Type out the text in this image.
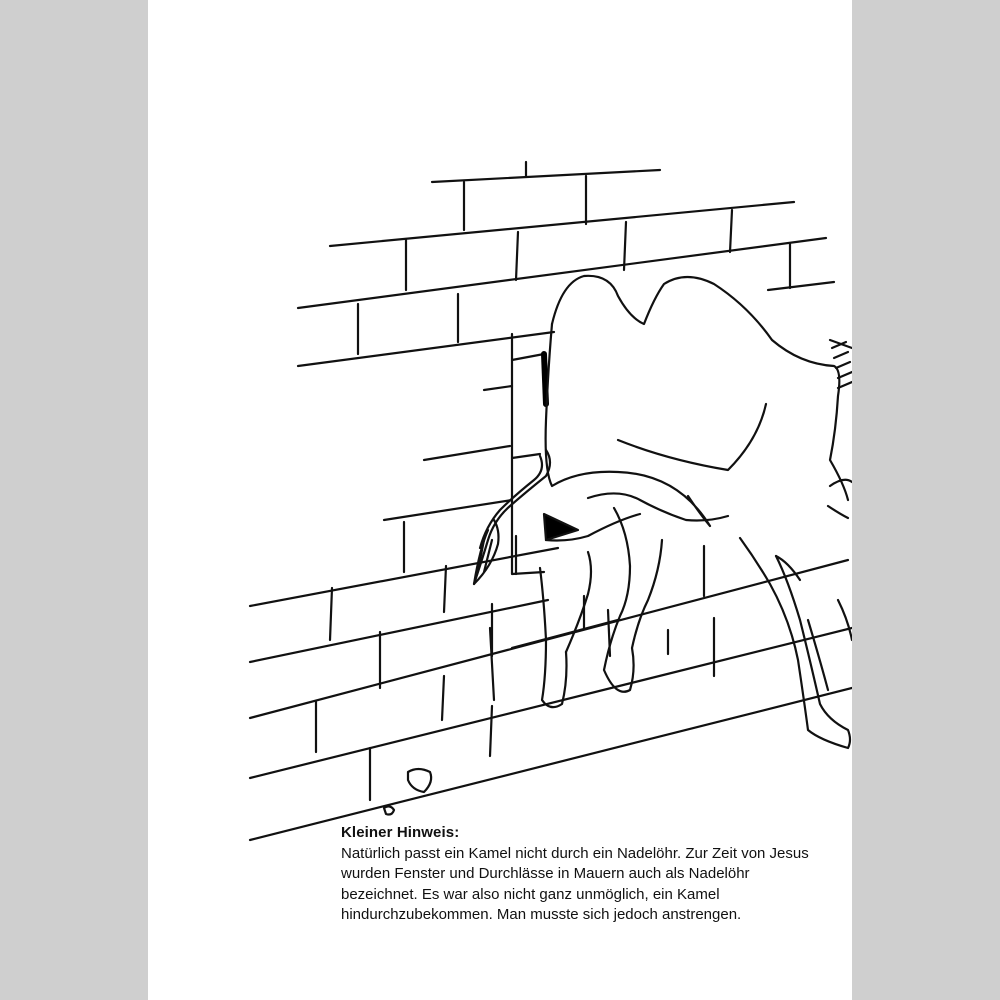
Kleiner Hinweis:
Natürlich passt ein Kamel nicht durch ein Nadelöhr. Zur Zeit von Jesus wurden Fenster und Durchlässe in Mauern auch als Nadelöhr bezeichnet. Es war also nicht ganz unmöglich, ein Kamel hindurchzubekommen. Man musste sich jedoch anstrengen.
